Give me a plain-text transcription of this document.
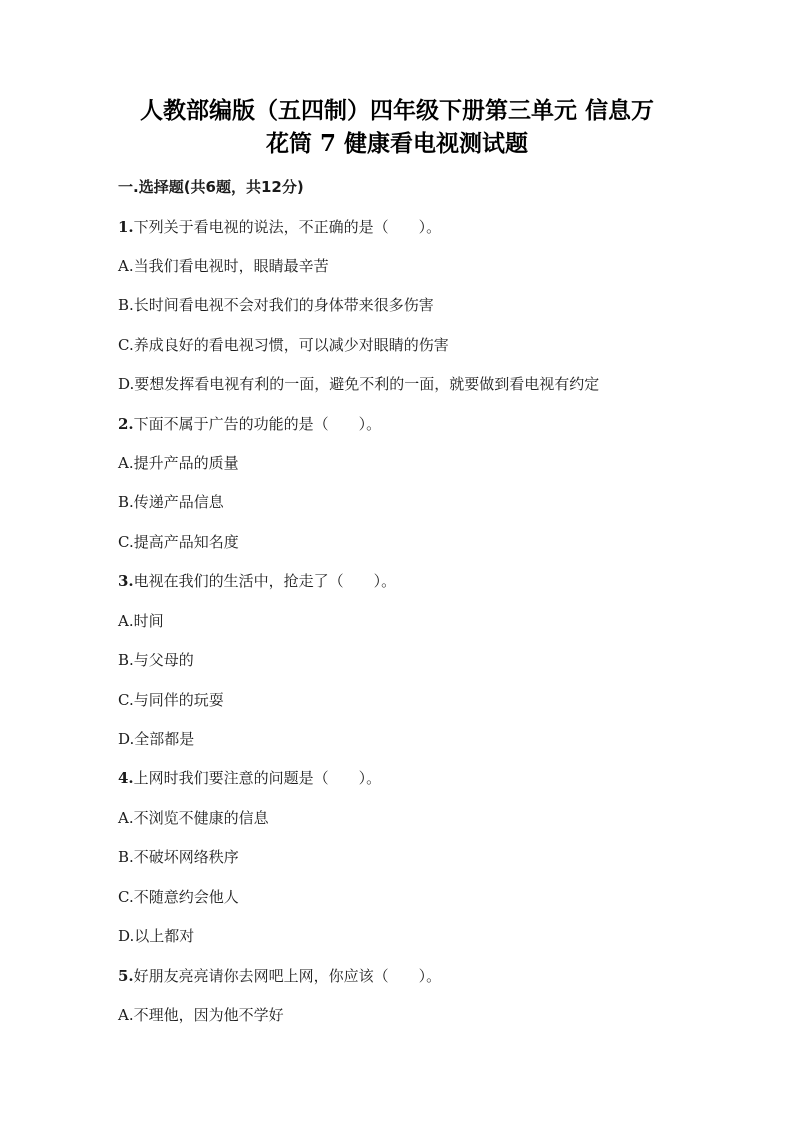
人教部编版（五四制）四年级下册第三单元 信息万
花筒 7 健康看电视测试题
一.选择题(共6题，共12分)
1.下列关于看电视的说法，不正确的是（　　）。
A.当我们看电视时，眼睛最辛苦
B.长时间看电视不会对我们的身体带来很多伤害
C.养成良好的看电视习惯，可以减少对眼睛的伤害
D.要想发挥看电视有利的一面，避免不利的一面，就要做到看电视有约定
2.下面不属于广告的功能的是（　　）。
A.提升产品的质量
B.传递产品信息
C.提高产品知名度
3.电视在我们的生活中，抢走了（　　）。
A.时间
B.与父母的
C.与同伴的玩耍
D.全部都是
4.上网时我们要注意的问题是（　　）。
A.不浏览不健康的信息
B.不破坏网络秩序
C.不随意约会他人
D.以上都对
5.好朋友亮亮请你去网吧上网，你应该（　　）。
A.不理他，因为他不学好
